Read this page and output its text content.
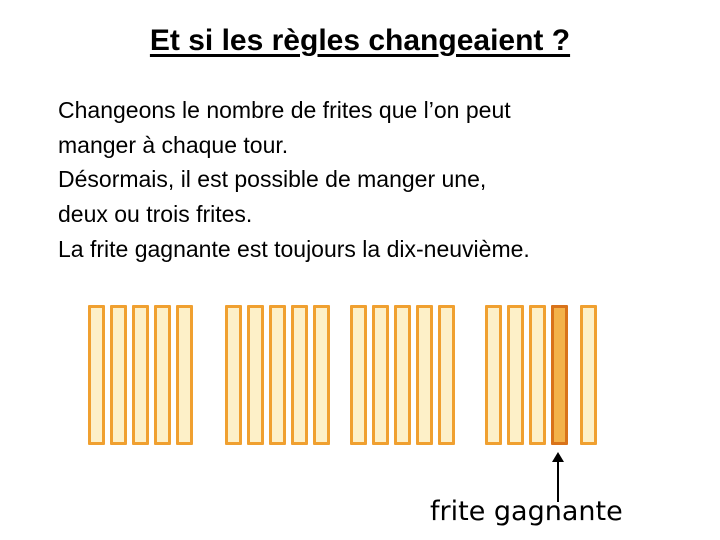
Et si les règles changeaient ?

Changeons le nombre de frites que l’on peut

manger à chaque tour.

Désormais, il est possible de manger une,

deux ou trois frites.

La frite gagnante est toujours la dix-neuvième.

frite gagnante
